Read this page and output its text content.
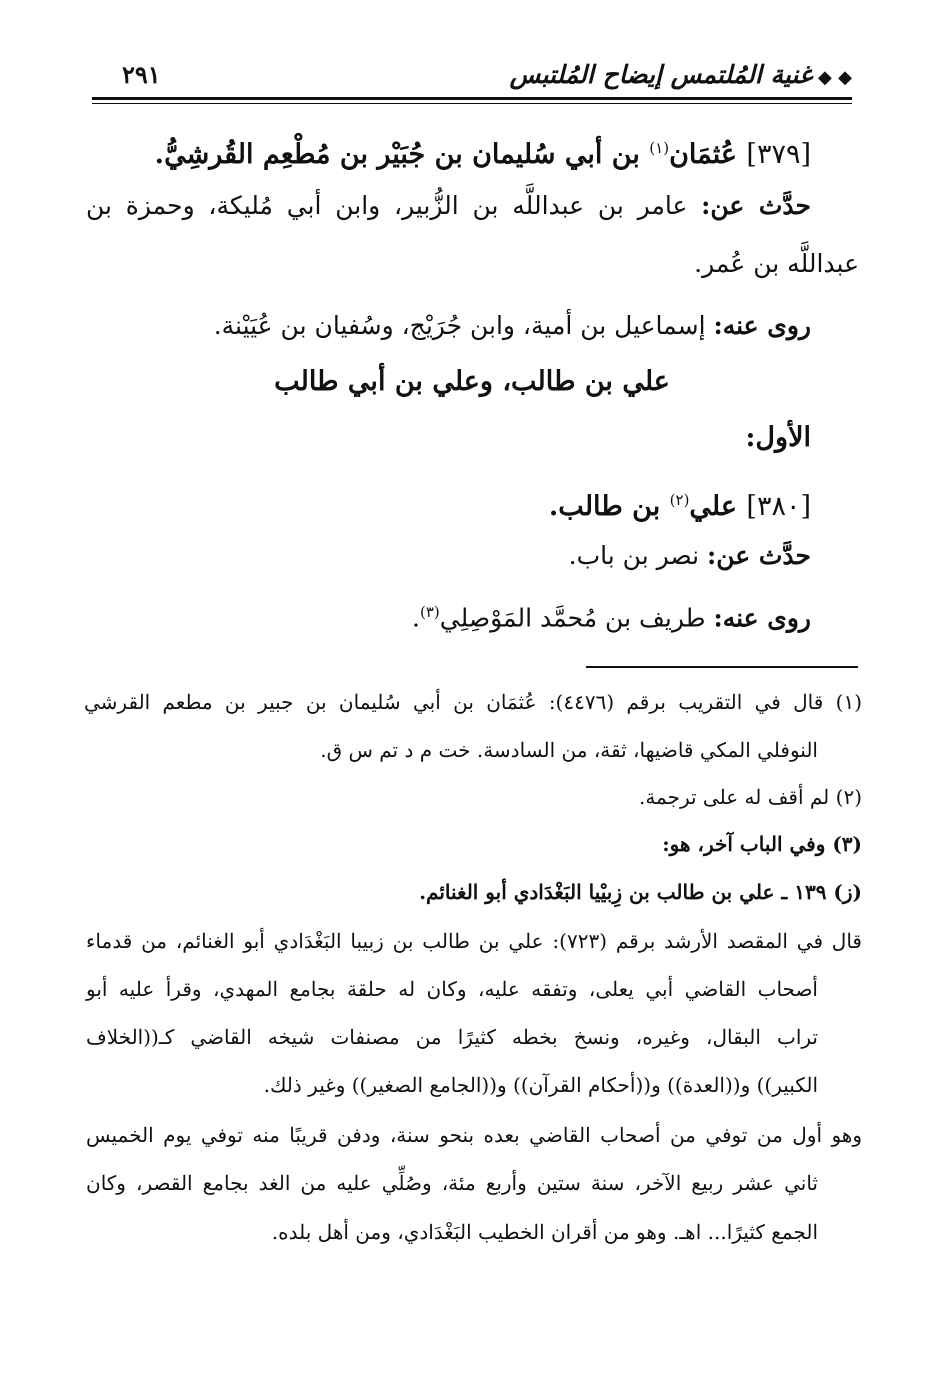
◆ ◆غنية المُلتمس إيضاح المُلتبس
٢٩١
[٣٧٩] عُثمَان$^{(١)}$ بن أبي سُليمان بن جُبَيْر بن مُطْعِم القُرشِيُّ.
حدَّث عن: عامر بن عبداللَّه بن الزُّبير، وابن أبي مُليكة، وحمزة بن
عبداللَّه بن عُمر.
روى عنه: إسماعيل بن أمية، وابن جُرَيْج، وسُفيان بن عُيَيْنة.
علي بن طالب، وعلي بن أبي طالب
الأول:
[٣٨٠] علي$^{(٢)}$ بن طالب.
حدَّث عن: نصر بن باب.
روى عنه: طريف بن مُحمَّد المَوْصِلِي$^{(٣)}$.
(١) قال في التقريب برقم (٤٤٧٦): عُثمَان بن أبي سُليمان بن جبير بن مطعم القرشي
النوفلي المكي قاضيها، ثقة، من السادسة. خت م د تم س ق.
(٢) لم أقف له على ترجمة.
(٣) وفي الباب آخر، هو:
(ز) ١٣٩ ـ علي بن طالب بن زِبيْيا البَغْدَادي أبو الغنائم.
قال في المقصد الأرشد برقم (٧٢٣): علي بن طالب بن زبيبا البَغْدَادي أبو الغنائم، من قدماء
أصحاب القاضي أبي يعلى، وتفقه عليه، وكان له حلقة بجامع المهدي، وقرأ عليه أبو
تراب البقال، وغيره، ونسخ بخطه كثيرًا من مصنفات شيخه القاضي كـ((الخلاف
الكبير)) و((العدة)) و((أحكام القرآن)) و((الجامع الصغير)) وغير ذلك.
وهو أول من توفي من أصحاب القاضي بعده بنحو سنة، ودفن قريبًا منه توفي يوم الخميس
ثاني عشر ربيع الآخر، سنة ستين وأربع مئة، وصُلِّي عليه من الغد بجامع القصر، وكان
الجمع كثيرًا... اهـ. وهو من أقران الخطيب البَغْدَادي، ومن أهل بلده.
